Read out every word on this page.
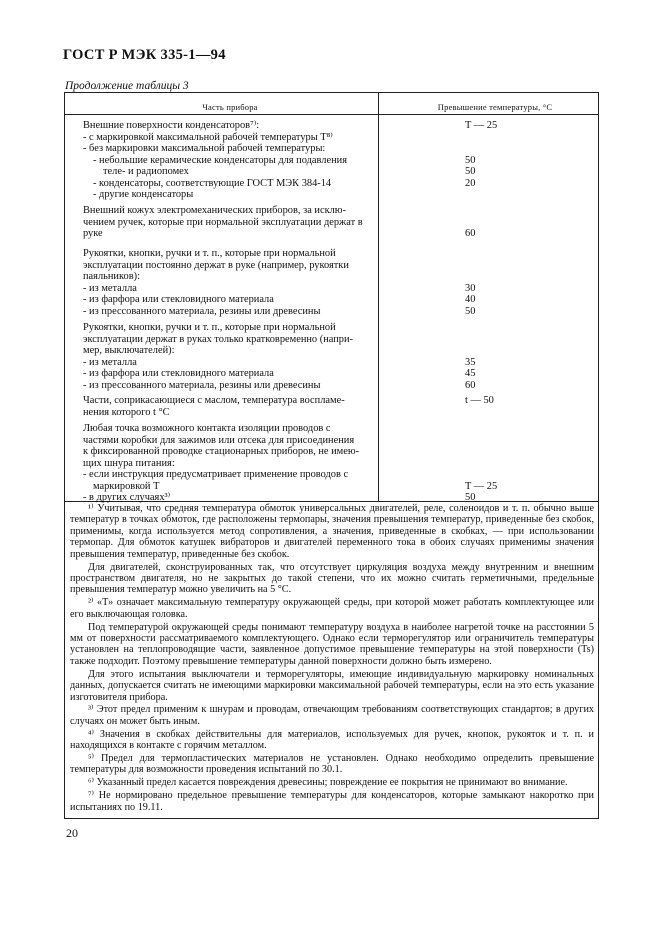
ГОСТ Р МЭК 335-1—94
Продолжение таблицы 3
Часть прибора	Превышение температуры, °С
Внешние поверхности конденсаторов⁷⁾:
- с маркировкой максимальной рабочей температуры T⁸⁾
- без маркировки максимальной рабочей температуры:
- небольшие керамические конденсаторы для подавления
теле- и радиопомех
- конденсаторы, соответствующие ГОСТ МЭК 384-14
- другие конденсаторы
T — 25

50
50
20
Внешний кожух электромеханических приборов, за исклю-
чением ручек, которые при нормальной эксплуатации держат в
руке

	60
Рукоятки, кнопки, ручки и т. п., которые при нормальной
эксплуатации постоянно держат в руке (например, рукоятки
паяльников):
- из металла
- из фарфора или стекловидного материала
- из прессованного материала, резины или древесины

30
40
50
Рукоятки, кнопки, ручки и т. п., которые при нормальной
эксплуатации держат в руках только кратковременно (напри-
мер, выключателей):
- из металла
- из фарфора или стекловидного материала
- из прессованного материала, резины или древесины

35
45
60
Части, соприкасающиеся с маслом, температура воспламе-
нения которого t °С
t — 50
Любая точка возможного контакта изоляции проводов с
частями коробки для зажимов или отсека для присоединения
к фиксированной проводке стационарных приборов, не имею-
щих шнура питания:
- если инструкция предусматривает применение проводов с
маркировкой T
- в других случаях³⁾

T — 25
50

¹⁾ Учитывая, что средняя температура обмоток универсальных двигателей, реле, соленоидов и т. п. обычно выше температур в точках обмоток, где расположены термопары, значения превышения температур, приведенные без скобок, применимы, когда используется метод сопротивления, а значения, приведенные в скобках, — при использовании термопар. Для обмоток катушек вибраторов и двигателей переменного тока в обоих случаях применимы значения превышения температур, приведенные без скобок.

Для двигателей, сконструированных так, что отсутствует циркуляция воздуха между внутренним и внешним пространством двигателя, но не закрытых до такой степени, что их можно считать герметичными, предельные превышения температур можно увеличить на 5 °С.

²⁾ «Т» означает максимальную температуру окружающей среды, при которой может работать комплектующее или его выключающая головка.

Под температурой окружающей среды понимают температуру воздуха в наиболее нагретой точке на расстоянии 5 мм от поверхности рассматриваемого комплектующего. Однако если терморегулятор или ограничитель температуры установлен на теплопроводящие части, заявленное допустимое превышение температуры на этой поверхности (Ts) также подходит. Поэтому превышение температуры данной поверхности должно быть измерено.

Для этого испытания выключатели и терморегуляторы, имеющие индивидуальную маркировку номинальных данных, допускается считать не имеющими маркировки максимальной рабочей температуры, если на это есть указание изготовителя прибора.

³⁾ Этот предел применим к шнурам и проводам, отвечающим требованиям соответствующих стандартов; в других случаях он может быть иным.

⁴⁾ Значения в скобках действительны для материалов, используемых для ручек, кнопок, рукояток и т. п. и находящихся в контакте с горячим металлом.

⁵⁾ Предел для термопластических материалов не установлен. Однако необходимо определить превышение температуры для возможности проведения испытаний по 30.1.

⁶⁾ Указанный предел касается повреждения древесины; повреждение ее покрытия не принимают во внимание.

⁷⁾ Не нормировано предельное превышение температуры для конденсаторов, которые замыкают накоротко при испытаниях по 19.11.

20
